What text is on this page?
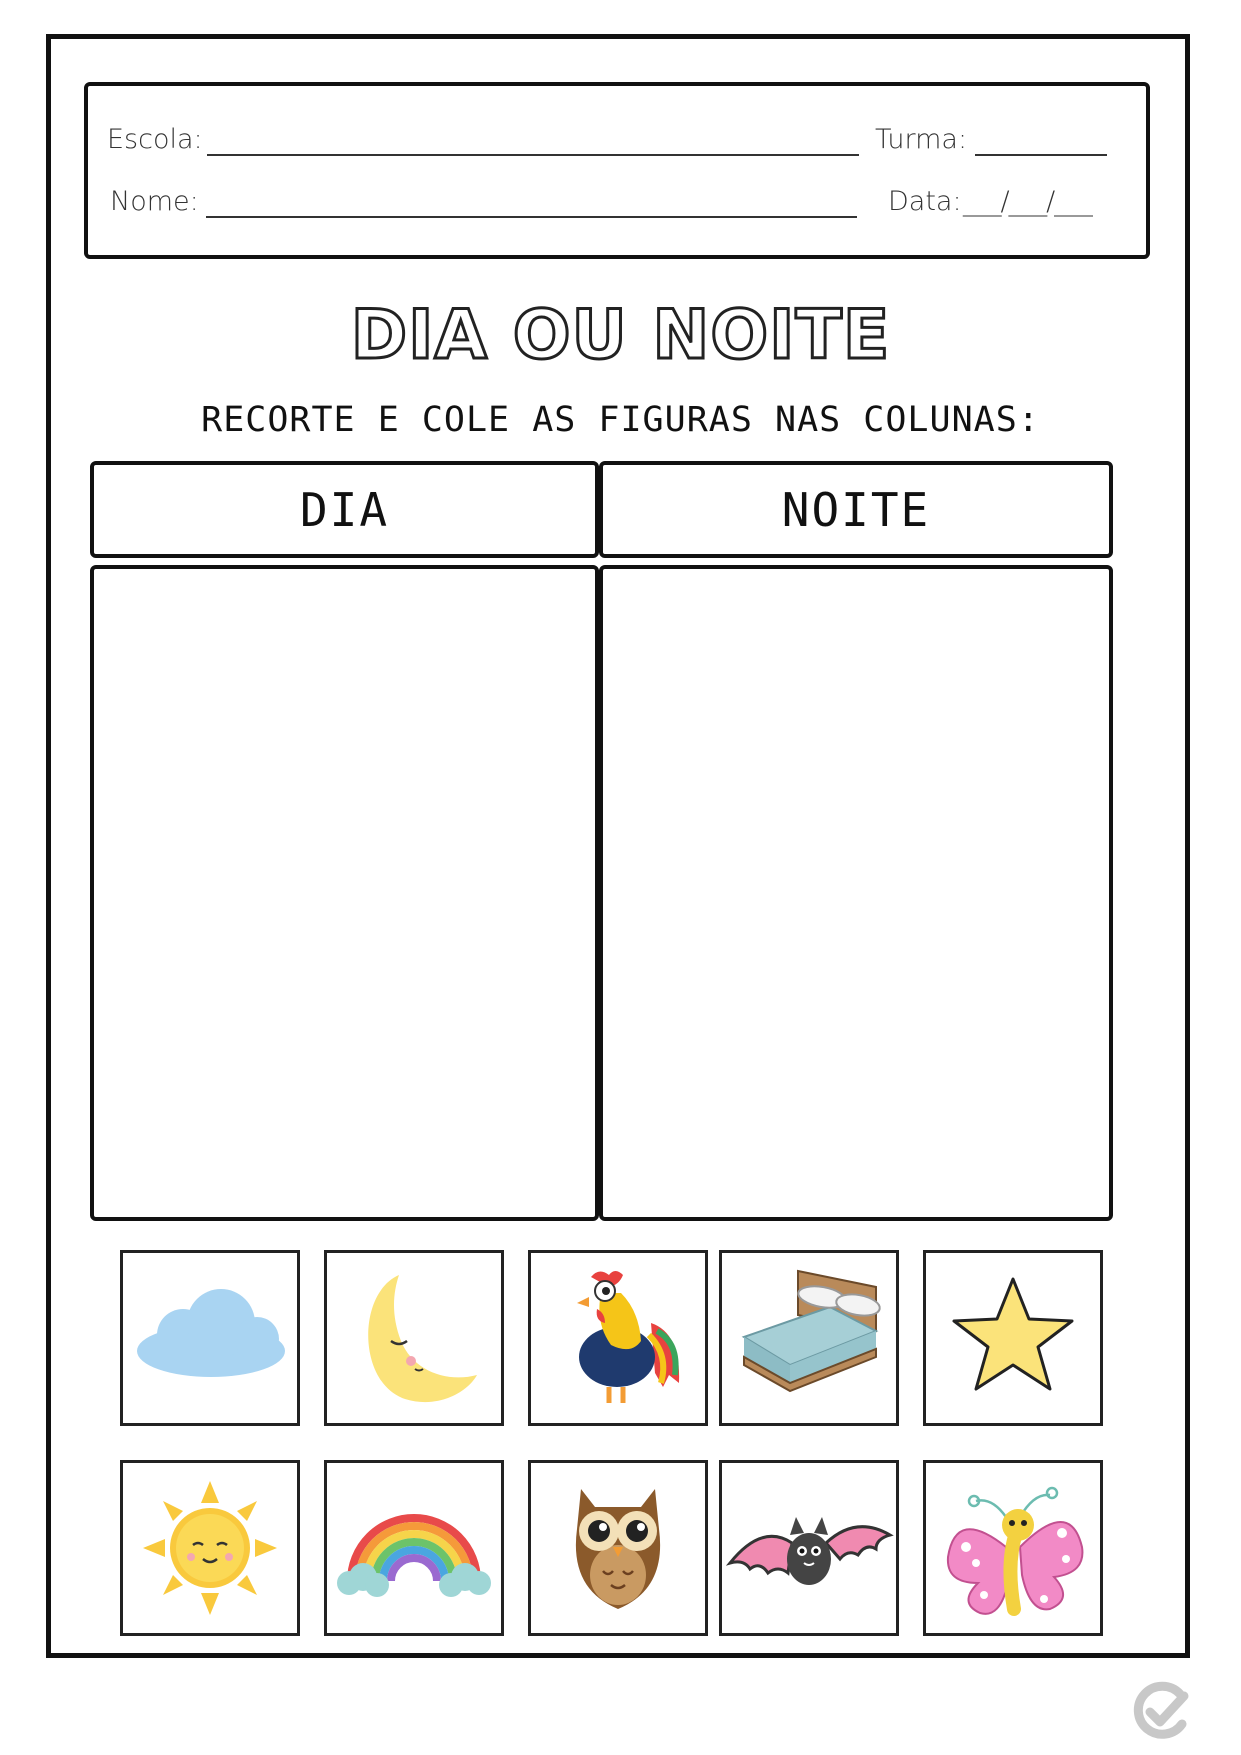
Escola:	Turma:
Nome:	Data: ___/___/___
DIA OU NOITE
RECORTE E COLE AS FIGURAS NAS COLUNAS:
DIA	NOITE
